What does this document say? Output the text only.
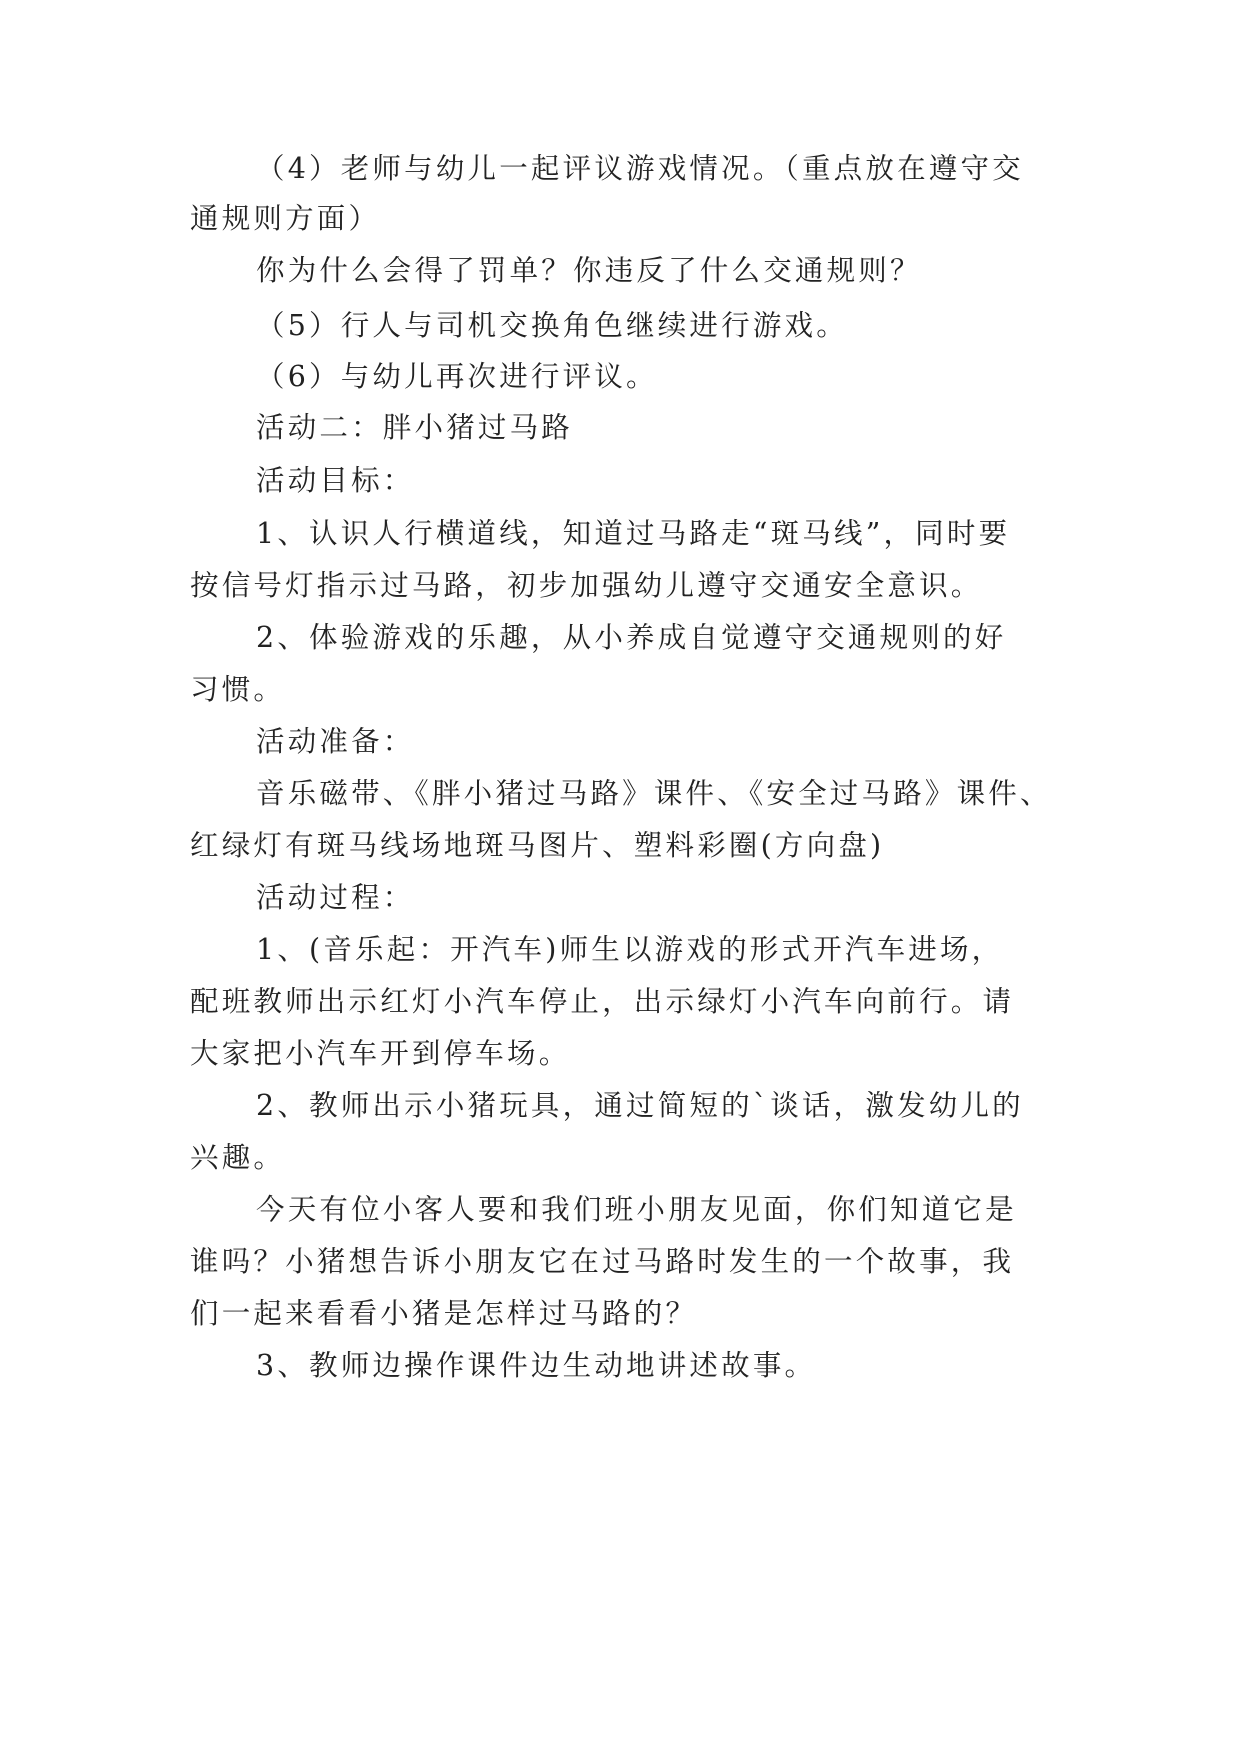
（4）老师与幼儿一起评议游戏情况。（重点放在遵守交
通规则方面）
你为什么会得了罚单？你违反了什么交通规则？
（5）行人与司机交换角色继续进行游戏。
（6）与幼儿再次进行评议。
活动二：胖小猪过马路
活动目标：
1、认识人行横道线，知道过马路走“斑马线”，同时要
按信号灯指示过马路，初步加强幼儿遵守交通安全意识。
2、体验游戏的乐趣，从小养成自觉遵守交通规则的好
习惯。
活动准备：
音乐磁带、《胖小猪过马路》课件、《安全过马路》课件、
红绿灯有斑马线场地斑马图片、塑料彩圈(方向盘)
活动过程：
1、(音乐起：开汽车)师生以游戏的形式开汽车进场，
配班教师出示红灯小汽车停止，出示绿灯小汽车向前行。请
大家把小汽车开到停车场。
2、教师出示小猪玩具，通过简短的`谈话，激发幼儿的
兴趣。
今天有位小客人要和我们班小朋友见面，你们知道它是
谁吗？小猪想告诉小朋友它在过马路时发生的一个故事，我
们一起来看看小猪是怎样过马路的？
3、教师边操作课件边生动地讲述故事。
